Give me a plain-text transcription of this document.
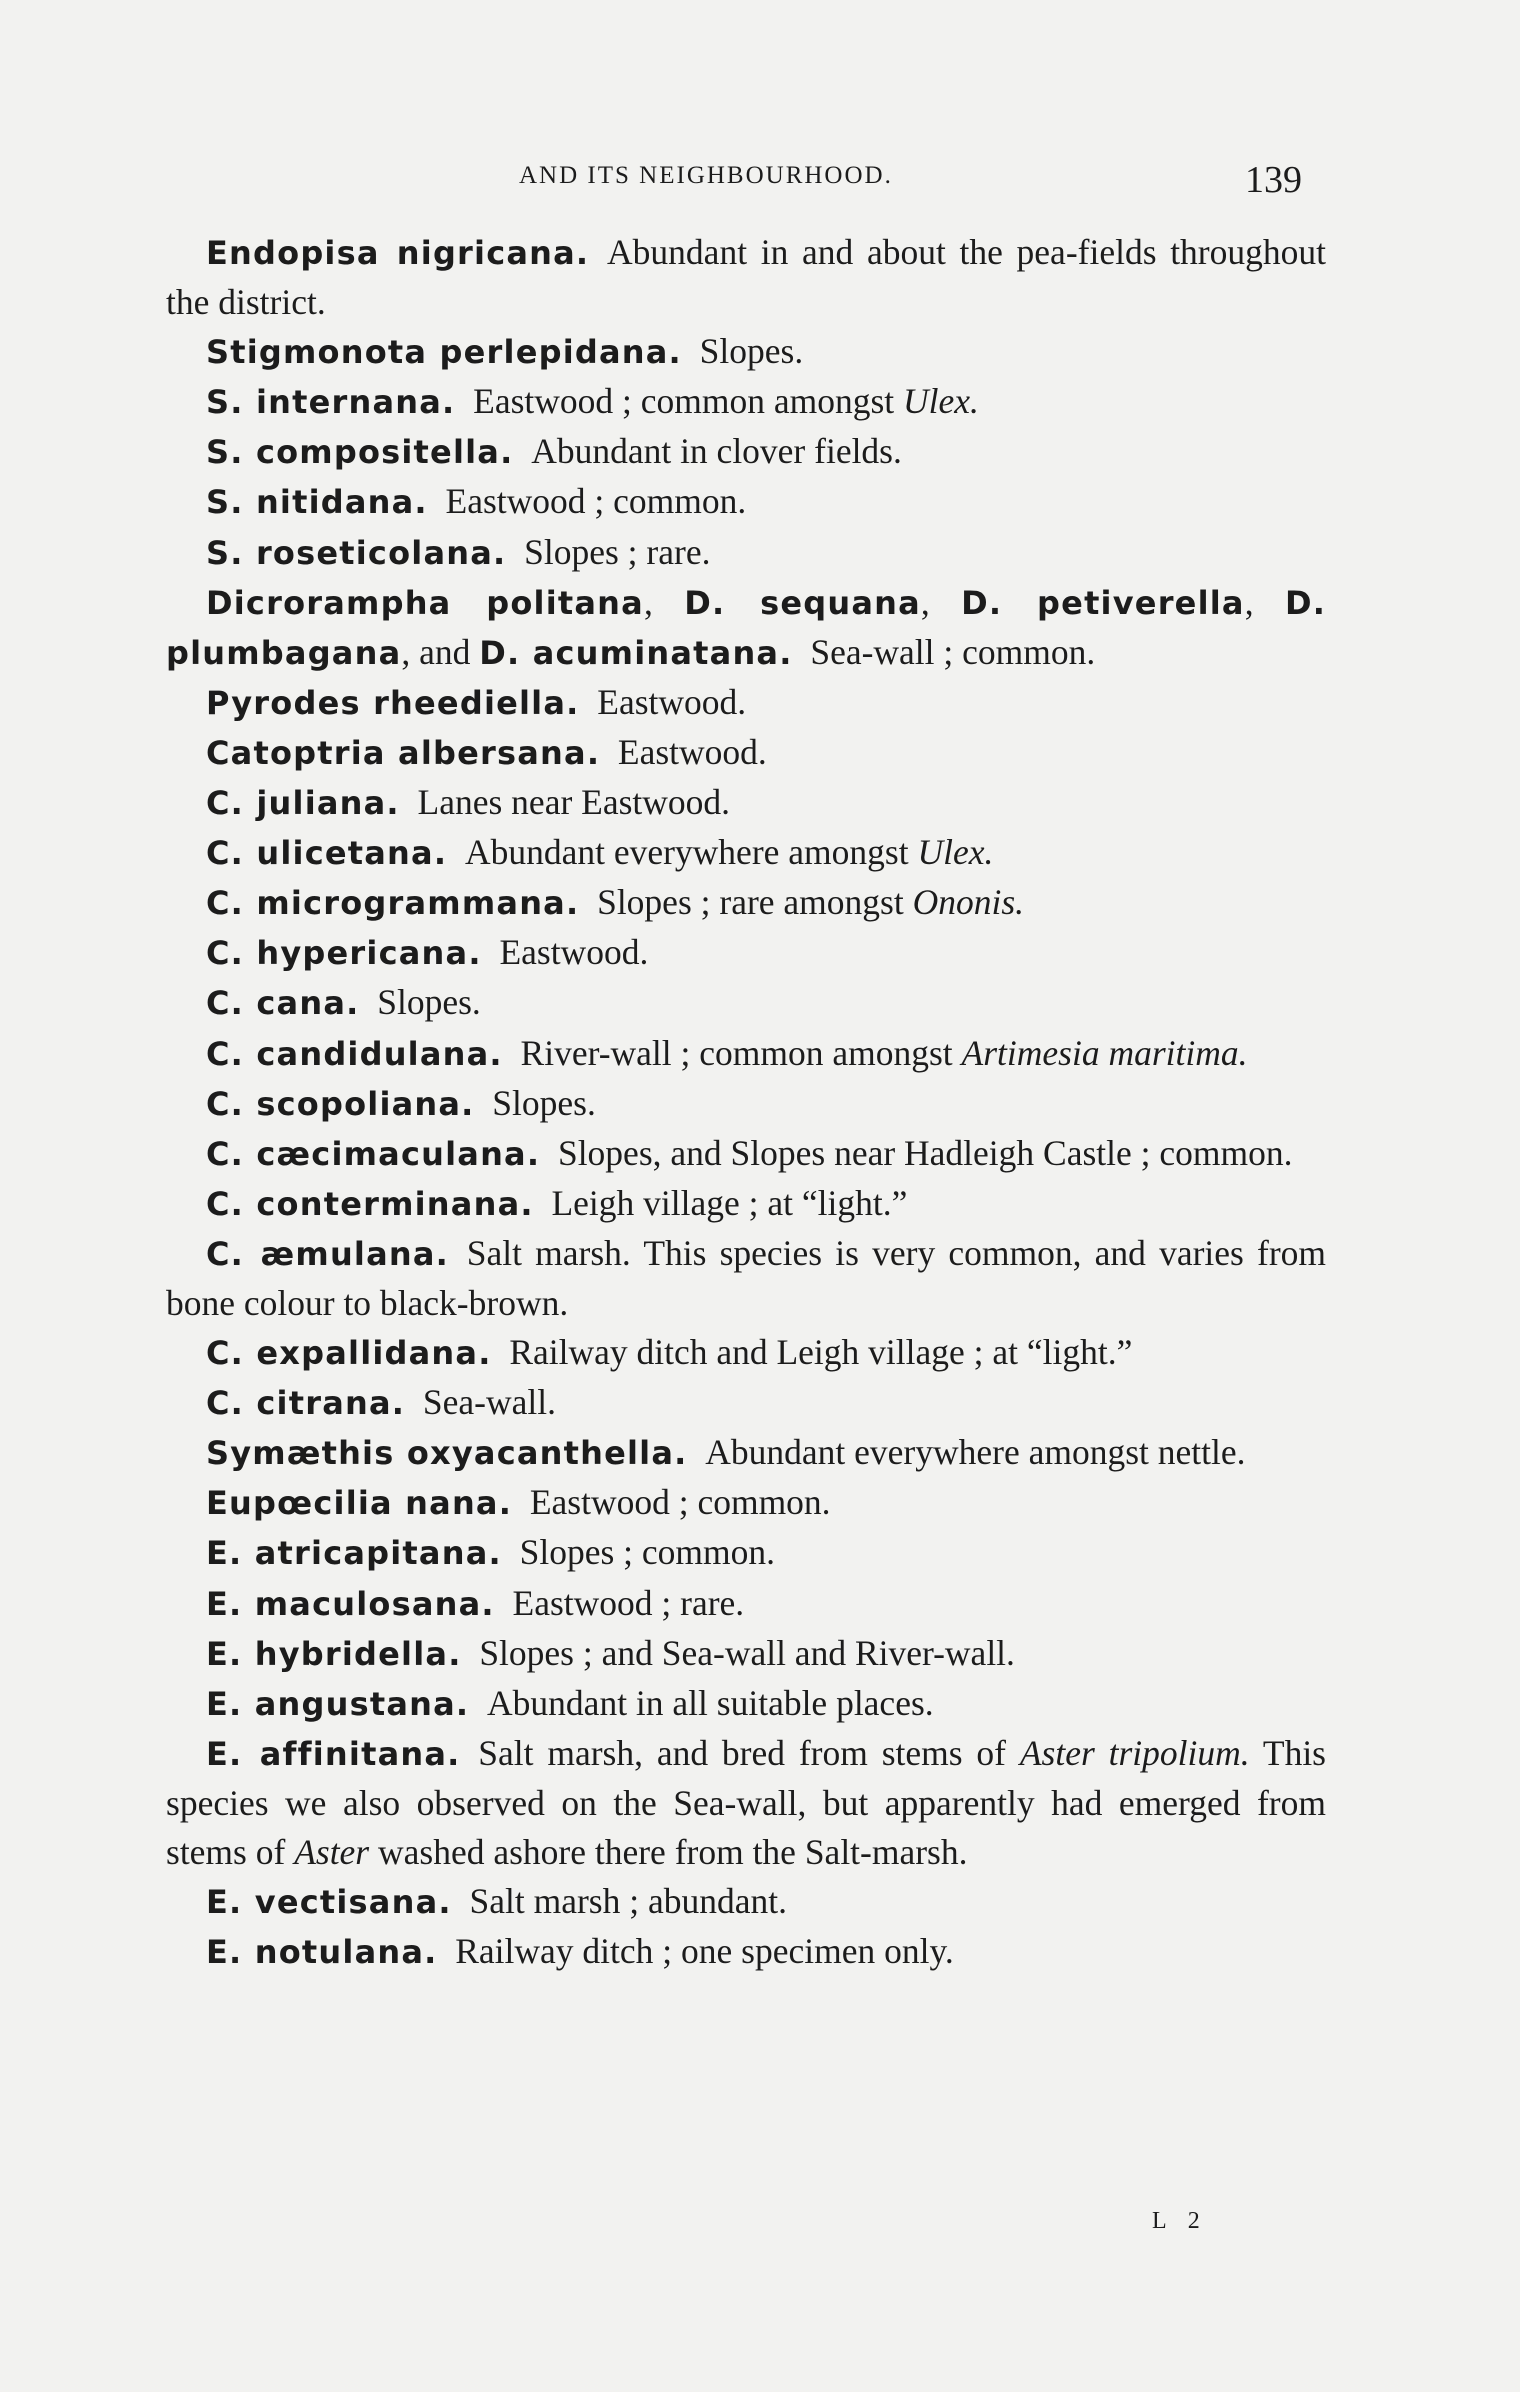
AND ITS NEIGHBOURHOOD.	139
Endopisa nigricana.  Abundant in and about the pea-fields throughout the district.
Stigmonota perlepidana.  Slopes.
S. internana.  Eastwood ; common amongst Ulex.
S. compositella.  Abundant in clover fields.
S. nitidana.  Eastwood ; common.
S. roseticolana.  Slopes ; rare.
Dicrorampha politana, D. sequana, D. petiverella, D. plumbagana, and D. acuminatana.  Sea-wall ; common.
Pyrodes rheediella.  Eastwood.
Catoptria albersana.  Eastwood.
C. juliana.  Lanes near Eastwood.
C. ulicetana.  Abundant everywhere amongst Ulex.
C. microgrammana.  Slopes ; rare amongst Ononis.
C. hypericana.  Eastwood.
C. cana.  Slopes.
C. candidulana.  River-wall ; common amongst Artimesia maritima.
C. scopoliana.  Slopes.
C. cæcimaculana.  Slopes, and Slopes near Hadleigh Castle ; common.
C. conterminana.  Leigh village ; at “light.”
C. æmulana.  Salt marsh. This species is very common, and varies from bone colour to black-brown.
C. expallidana.  Railway ditch and Leigh village ; at “light.”
C. citrana.  Sea-wall.
Symæthis oxyacanthella.  Abundant everywhere amongst nettle.
Eupœcilia nana.  Eastwood ; common.
E. atricapitana.  Slopes ; common.
E. maculosana.  Eastwood ; rare.
E. hybridella.  Slopes ; and Sea-wall and River-wall.
E. angustana.  Abundant in all suitable places.
E. affinitana.  Salt marsh, and bred from stems of Aster tripolium. This species we also observed on the Sea-wall, but apparently had emerged from stems of Aster washed ashore there from the Salt-marsh.
E. vectisana.  Salt marsh ; abundant.
E. notulana.  Railway ditch ; one specimen only.
L 2
